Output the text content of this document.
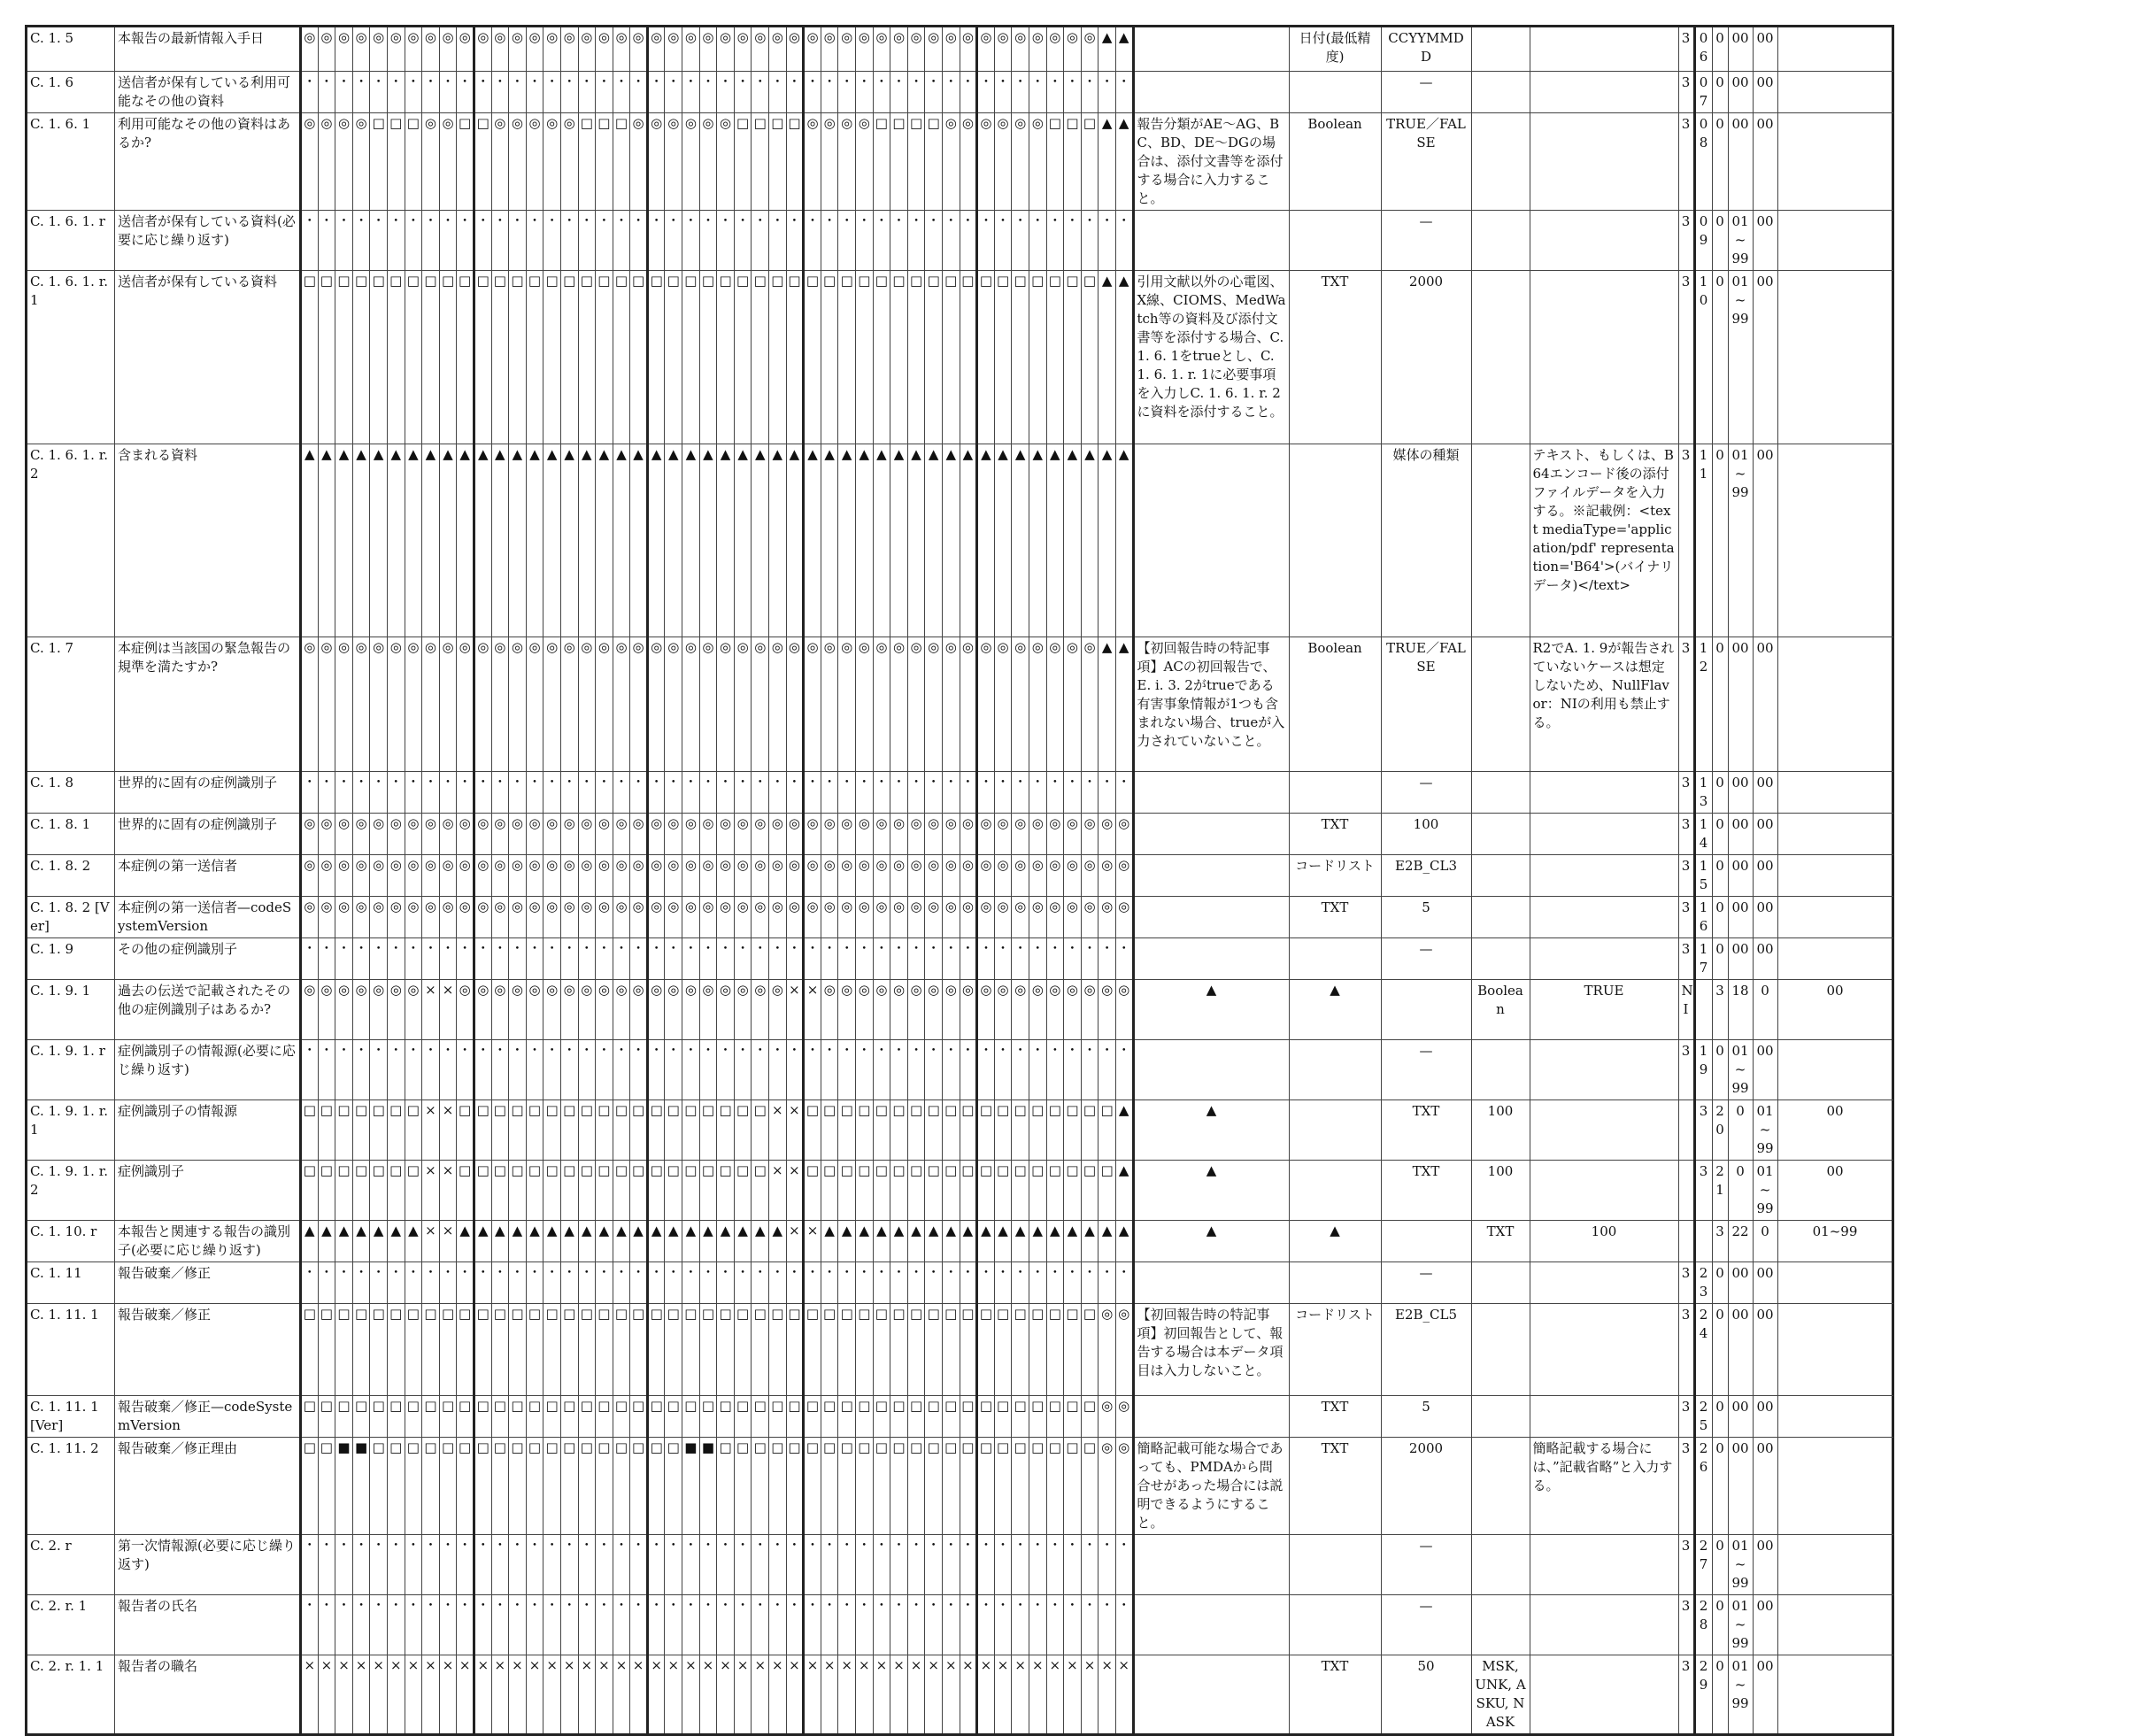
C. 1. 5	本報告の最新情報入手日	◎	◎	◎	◎	◎	◎	◎	◎	◎	◎	◎	◎	◎	◎	◎	◎	◎	◎	◎	◎	◎	◎	◎	◎	◎	◎	◎	◎	◎	◎	◎	◎	◎	◎	◎	◎	◎	◎	◎	◎	◎	◎	◎	◎	◎	◎	▲	▲		日付(最低精度)	CCYYMMDD			3	06	0	00	00		
C. 1. 6	送信者が保有している利用可能なその他の資料	・	・	・	・	・	・	・	・	・	・	・	・	・	・	・	・	・	・	・	・	・	・	・	・	・	・	・	・	・	・	・	・	・	・	・	・	・	・	・	・	・	・	・	・	・	・	・	・			—			3	07	0	00	00		
C. 1. 6. 1	利用可能なその他の資料はあるか?	◎	◎	◎	◎	□	□	□	◎	◎	□	□	◎	◎	◎	◎	◎	□	□	□	◎	◎	◎	◎	◎	◎	□	□	□	□	◎	◎	◎	◎	□	□	□	□	◎	◎	◎	◎	◎	◎	□	□	□	▲	▲	報告分類がAE～AG、BC、BD、DE～DGの場合は、添付文書等を添付する場合に入力すること。	Boolean	TRUE／FALSE			3	08	0	00	00		
C. 1. 6. 1. r	送信者が保有している資料(必要に応じ繰り返す)	・	・	・	・	・	・	・	・	・	・	・	・	・	・	・	・	・	・	・	・	・	・	・	・	・	・	・	・	・	・	・	・	・	・	・	・	・	・	・	・	・	・	・	・	・	・	・	・			—			3	09	0	01~99	00		
C. 1. 6. 1. r. 1	送信者が保有している資料	□	□	□	□	□	□	□	□	□	□	□	□	□	□	□	□	□	□	□	□	□	□	□	□	□	□	□	□	□	□	□	□	□	□	□	□	□	□	□	□	□	□	□	□	□	□	▲	▲	引用文献以外の心電図、X線、CIOMS、MedWatch等の資料及び添付文書等を添付する場合、C. 1. 6. 1をtrueとし、C. 1. 6. 1. r. 1に必要事項を入力しC. 1. 6. 1. r. 2に資料を添付すること。	TXT	2000			3	10	0	01~99	00		
C. 1. 6. 1. r. 2	含まれる資料	▲	▲	▲	▲	▲	▲	▲	▲	▲	▲	▲	▲	▲	▲	▲	▲	▲	▲	▲	▲	▲	▲	▲	▲	▲	▲	▲	▲	▲	▲	▲	▲	▲	▲	▲	▲	▲	▲	▲	▲	▲	▲	▲	▲	▲	▲	▲	▲			媒体の種類		テキスト、もしくは、B64エンコード後の添付ファイルデータを入力する。※記載例：<text mediaType='application/pdf' representation='B64'>(バイナリデータ)</text>	3	11	0	01~99	00		
C. 1. 7	本症例は当該国の緊急報告の規準を満たすか?	◎	◎	◎	◎	◎	◎	◎	◎	◎	◎	◎	◎	◎	◎	◎	◎	◎	◎	◎	◎	◎	◎	◎	◎	◎	◎	◎	◎	◎	◎	◎	◎	◎	◎	◎	◎	◎	◎	◎	◎	◎	◎	◎	◎	◎	◎	▲	▲	【初回報告時の特記事項】ACの初回報告で、E. i. 3. 2がtrueである有害事象情報が1つも含まれない場合、trueが入力されていないこと。	Boolean	TRUE／FALSE		R2でA. 1. 9が報告されていないケースは想定しないため、NullFlavor：NIの利用も禁止する。	3	12	0	00	00		
C. 1. 8	世界的に固有の症例識別子	・	・	・	・	・	・	・	・	・	・	・	・	・	・	・	・	・	・	・	・	・	・	・	・	・	・	・	・	・	・	・	・	・	・	・	・	・	・	・	・	・	・	・	・	・	・	・	・			—			3	13	0	00	00		
C. 1. 8. 1	世界的に固有の症例識別子	◎	◎	◎	◎	◎	◎	◎	◎	◎	◎	◎	◎	◎	◎	◎	◎	◎	◎	◎	◎	◎	◎	◎	◎	◎	◎	◎	◎	◎	◎	◎	◎	◎	◎	◎	◎	◎	◎	◎	◎	◎	◎	◎	◎	◎	◎	◎	◎		TXT	100			3	14	0	00	00		
C. 1. 8. 2	本症例の第一送信者	◎	◎	◎	◎	◎	◎	◎	◎	◎	◎	◎	◎	◎	◎	◎	◎	◎	◎	◎	◎	◎	◎	◎	◎	◎	◎	◎	◎	◎	◎	◎	◎	◎	◎	◎	◎	◎	◎	◎	◎	◎	◎	◎	◎	◎	◎	◎	◎		コードリスト	E2B_CL3			3	15	0	00	00		
C. 1. 8. 2 [Ver]	本症例の第一送信者—codeSystemVersion	◎	◎	◎	◎	◎	◎	◎	◎	◎	◎	◎	◎	◎	◎	◎	◎	◎	◎	◎	◎	◎	◎	◎	◎	◎	◎	◎	◎	◎	◎	◎	◎	◎	◎	◎	◎	◎	◎	◎	◎	◎	◎	◎	◎	◎	◎	◎	◎		TXT	5			3	16	0	00	00		
C. 1. 9	その他の症例識別子	・	・	・	・	・	・	・	・	・	・	・	・	・	・	・	・	・	・	・	・	・	・	・	・	・	・	・	・	・	・	・	・	・	・	・	・	・	・	・	・	・	・	・	・	・	・	・	・			—			3	17	0	00	00		
C. 1. 9. 1	過去の伝送で記載されたその他の症例識別子はあるか?	◎	◎	◎	◎	◎	◎	◎	×	×	◎	◎	◎	◎	◎	◎	◎	◎	◎	◎	◎	◎	◎	◎	◎	◎	◎	◎	◎	×	×	◎	◎	◎	◎	◎	◎	◎	◎	◎	◎	◎	◎	◎	◎	◎	◎	◎	◎	▲	▲		Boolean	TRUE	NI		3	18	0	00		
C. 1. 9. 1. r	症例識別子の情報源(必要に応じ繰り返す)	・	・	・	・	・	・	・	・	・	・	・	・	・	・	・	・	・	・	・	・	・	・	・	・	・	・	・	・	・	・	・	・	・	・	・	・	・	・	・	・	・	・	・	・	・	・	・	・			—			3	19	0	01~99	00		
C. 1. 9. 1. r. 1	症例識別子の情報源	□	□	□	□	□	□	□	×	×	□	□	□	□	□	□	□	□	□	□	□	□	□	□	□	□	□	□	×	×	□	□	□	□	□	□	□	□	□	□	□	□	□	□	□	□	□	□	▲	▲		TXT	100			3	20	0	01~99	00	
C. 1. 9. 1. r. 2	症例識別子	□	□	□	□	□	□	□	×	×	□	□	□	□	□	□	□	□	□	□	□	□	□	□	□	□	□	□	×	×	□	□	□	□	□	□	□	□	□	□	□	□	□	□	□	□	□	□	▲	▲		TXT	100			3	21	0	01~99	00	
C. 1. 10. r	本報告と関連する報告の識別子(必要に応じ繰り返す)	▲	▲	▲	▲	▲	▲	▲	×	×	▲	▲	▲	▲	▲	▲	▲	▲	▲	▲	▲	▲	▲	▲	▲	▲	▲	▲	▲	×	×	▲	▲	▲	▲	▲	▲	▲	▲	▲	▲	▲	▲	▲	▲	▲	▲	▲	▲	▲	▲		TXT	100			3	22	0	01~99		
C. 1. 11	報告破棄／修正	・	・	・	・	・	・	・	・	・	・	・	・	・	・	・	・	・	・	・	・	・	・	・	・	・	・	・	・	・	・	・	・	・	・	・	・	・	・	・	・	・	・	・	・	・	・	・	・			—			3	23	0	00	00		
C. 1. 11. 1	報告破棄／修正	□	□	□	□	□	□	□	□	□	□	□	□	□	□	□	□	□	□	□	□	□	□	□	□	□	□	□	□	□	□	□	□	□	□	□	□	□	□	□	□	□	□	□	□	□	□	◎	◎	【初回報告時の特記事項】初回報告として、報告する場合は本データ項目は入力しないこと。	コードリスト	E2B_CL5			3	24	0	00	00		
C. 1. 11. 1 [Ver]	報告破棄／修正—codeSystemVersion	□	□	□	□	□	□	□	□	□	□	□	□	□	□	□	□	□	□	□	□	□	□	□	□	□	□	□	□	□	□	□	□	□	□	□	□	□	□	□	□	□	□	□	□	□	□	◎	◎		TXT	5			3	25	0	00	00		
C. 1. 11. 2	報告破棄／修正理由	□	□	■	■	□	□	□	□	□	□	□	□	□	□	□	□	□	□	□	□	□	□	■	■	□	□	□	□	□	□	□	□	□	□	□	□	□	□	□	□	□	□	□	□	□	□	◎	◎	簡略記載可能な場合であっても、PMDAから問合せがあった場合には説明できるようにすること。	TXT	2000		簡略記載する場合には、”記載省略”と入力する。	3	26	0	00	00		
C. 2. r	第一次情報源(必要に応じ繰り返す)	・	・	・	・	・	・	・	・	・	・	・	・	・	・	・	・	・	・	・	・	・	・	・	・	・	・	・	・	・	・	・	・	・	・	・	・	・	・	・	・	・	・	・	・	・	・	・	・			—			3	27	0	01~99	00		
C. 2. r. 1	報告者の氏名	・	・	・	・	・	・	・	・	・	・	・	・	・	・	・	・	・	・	・	・	・	・	・	・	・	・	・	・	・	・	・	・	・	・	・	・	・	・	・	・	・	・	・	・	・	・	・	・			—			3	28	0	01~99	00		
C. 2. r. 1. 1	報告者の職名	×	×	×	×	×	×	×	×	×	×	×	×	×	×	×	×	×	×	×	×	×	×	×	×	×	×	×	×	×	×	×	×	×	×	×	×	×	×	×	×	×	×	×	×	×	×	×	×		TXT	50	MSK, UNK, ASKU, NASK		3	29	0	01~99	00		
